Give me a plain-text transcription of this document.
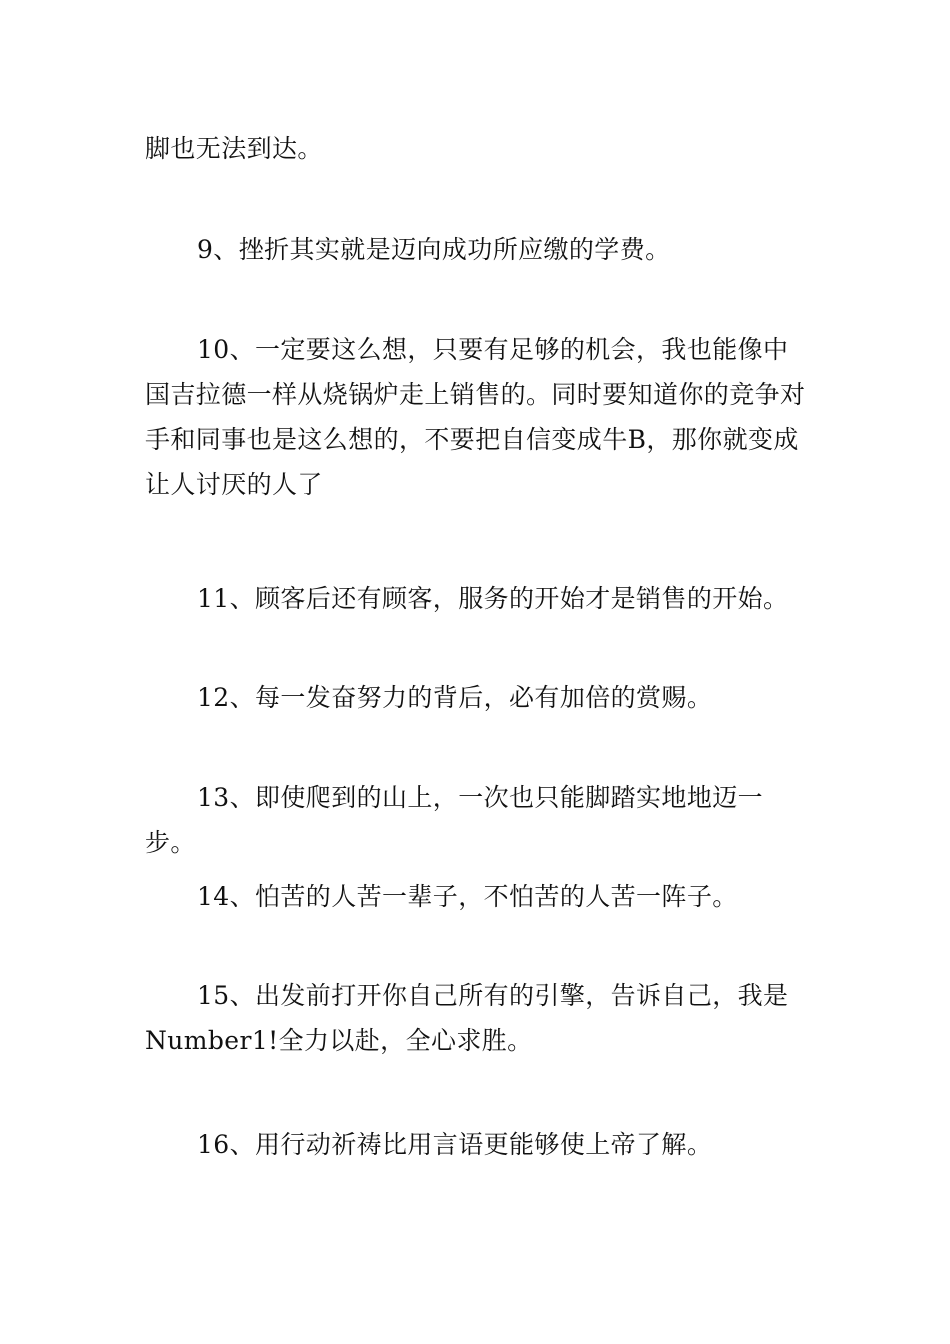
脚也无法到达。

9、挫折其实就是迈向成功所应缴的学费。

10、一定要这么想，只要有足够的机会，我也能像中国吉拉德一样从烧锅炉走上销售的。同时要知道你的竞争对手和同事也是这么想的，不要把自信变成牛B，那你就变成让人讨厌的人了

11、顾客后还有顾客，服务的开始才是销售的开始。

12、每一发奋努力的背后，必有加倍的赏赐。

13、即使爬到的山上，一次也只能脚踏实地地迈一步。

14、怕苦的人苦一辈子，不怕苦的人苦一阵子。

15、出发前打开你自己所有的引擎，告诉自己，我是Number1!全力以赴，全心求胜。

16、用行动祈祷比用言语更能够使上帝了解。
